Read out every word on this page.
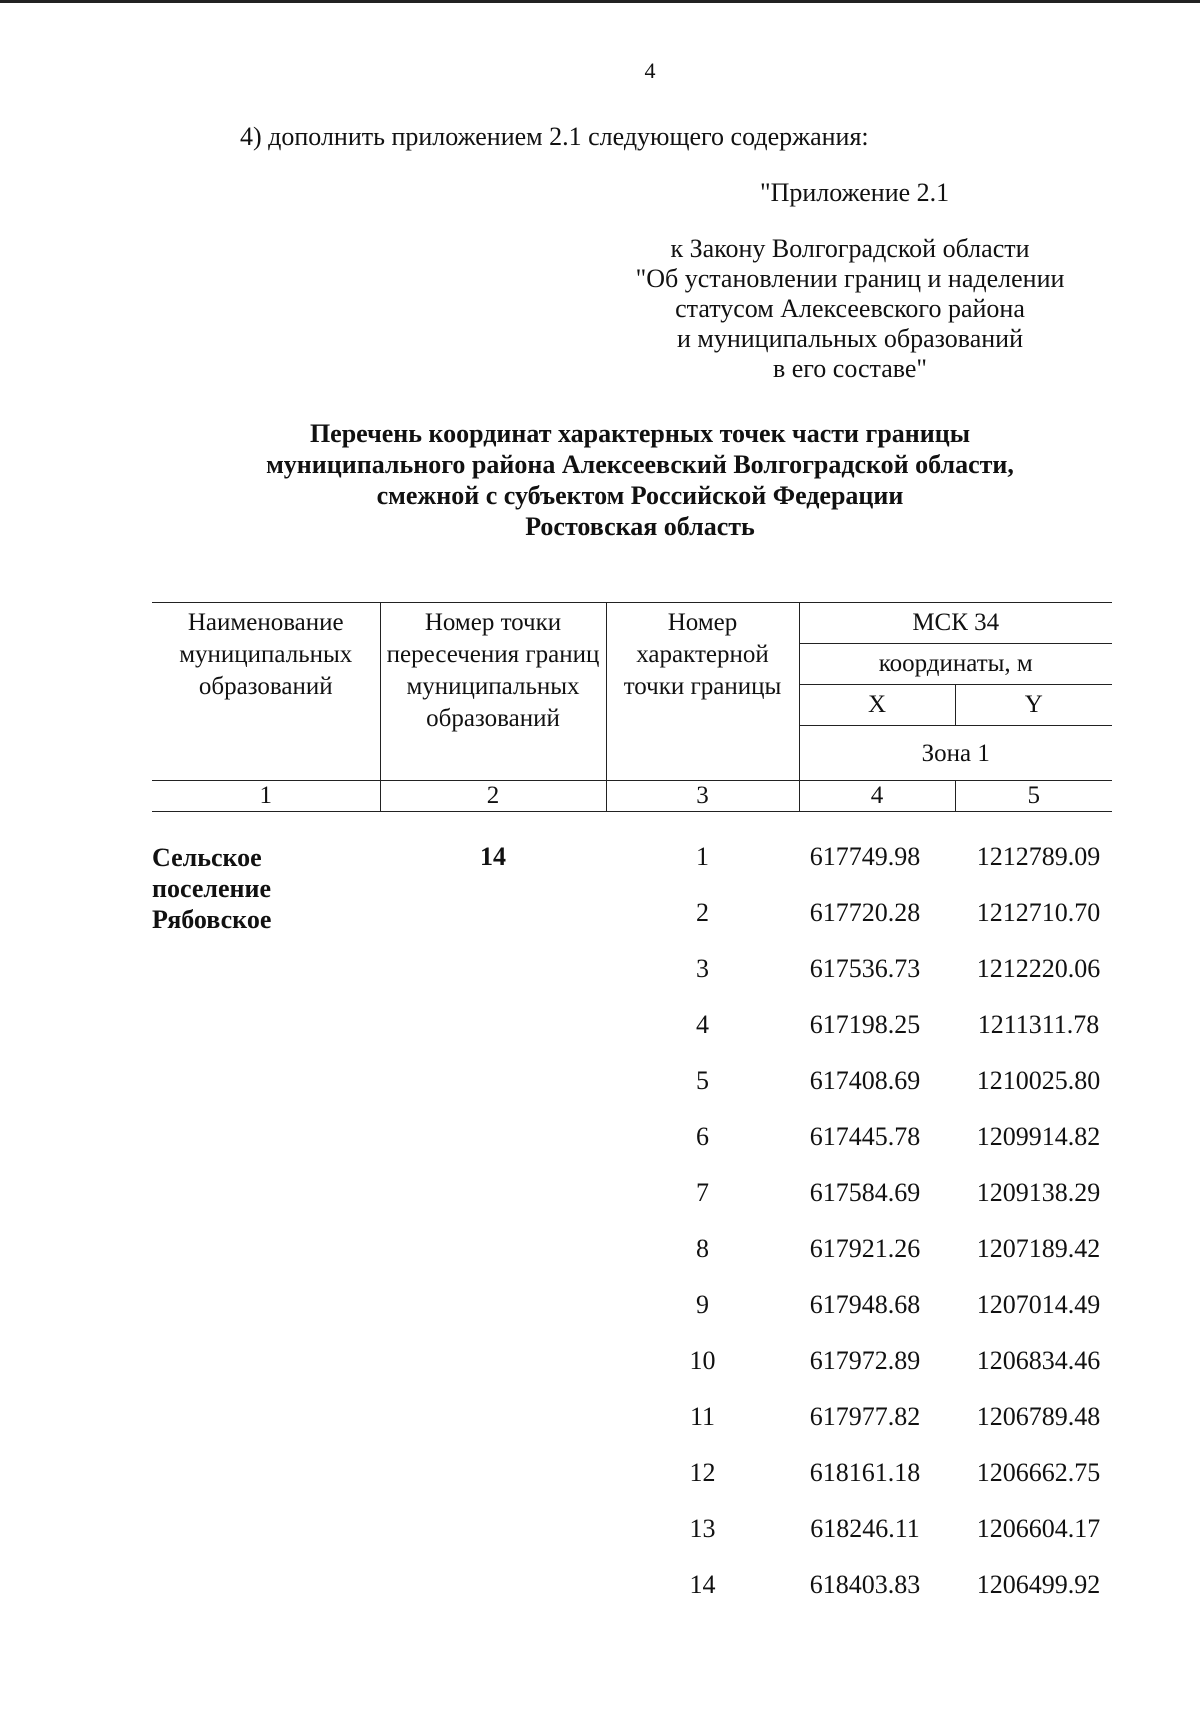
4
4) дополнить приложением 2.1 следующего содержания:
"Приложение 2.1
к Закону Волгоградской области
"Об установлении границ и наделении
статусом Алексеевского района
и муниципальных образований
в его составе"
Перечень координат характерных точек части границы
муниципального района Алексеевский Волгоградской области,
смежной с субъектом Российской Федерации
Ростовская область
Наименование муниципальных образований	Номер точки пересечения границ муниципальных образований	Номер характерной точки границы	МСК 34	
			координаты, м	
			X	Y
			Зона 1	
1	2	3	4	5

Сельское
поселение
Рябовское	14	1	617749.98	1212789.09
		2	617720.28	1212710.70
		3	617536.73	1212220.06
		4	617198.25	1211311.78
		5	617408.69	1210025.80
		6	617445.78	1209914.82
		7	617584.69	1209138.29
		8	617921.26	1207189.42
		9	617948.68	1207014.49
		10	617972.89	1206834.46
		11	617977.82	1206789.48
		12	618161.18	1206662.75
		13	618246.11	1206604.17
		14	618403.83	1206499.92
